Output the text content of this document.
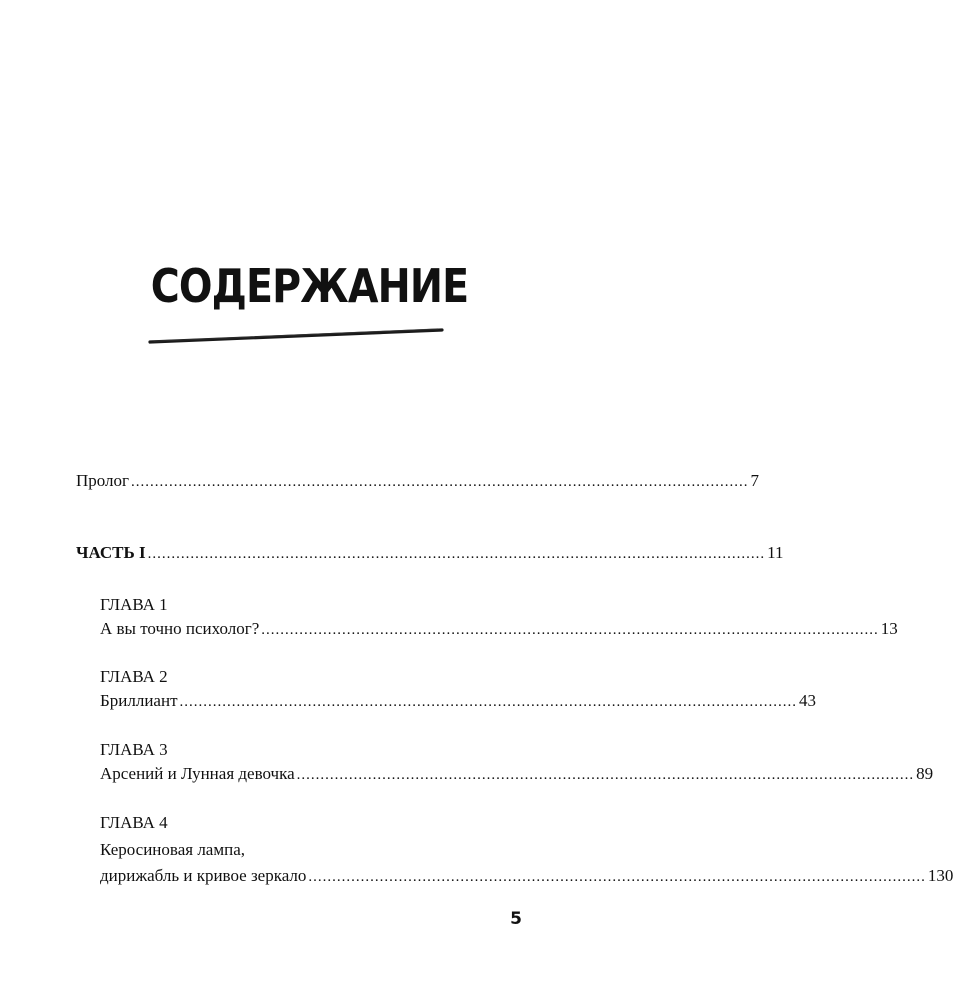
СОДЕРЖАНИЕ
Пролог .................................................................................................................................. 7
ЧАСТЬ I .................................................................................................................................. 11
ГЛАВА 1
А вы точно психолог? .................................................................................................................................. 13
ГЛАВА 2
Бриллиант .................................................................................................................................. 43
ГЛАВА 3
Арсений и Лунная девочка .................................................................................................................................. 89
ГЛАВА 4
Керосиновая лампа,
дирижабль и кривое зеркало .................................................................................................................................. 130
5
